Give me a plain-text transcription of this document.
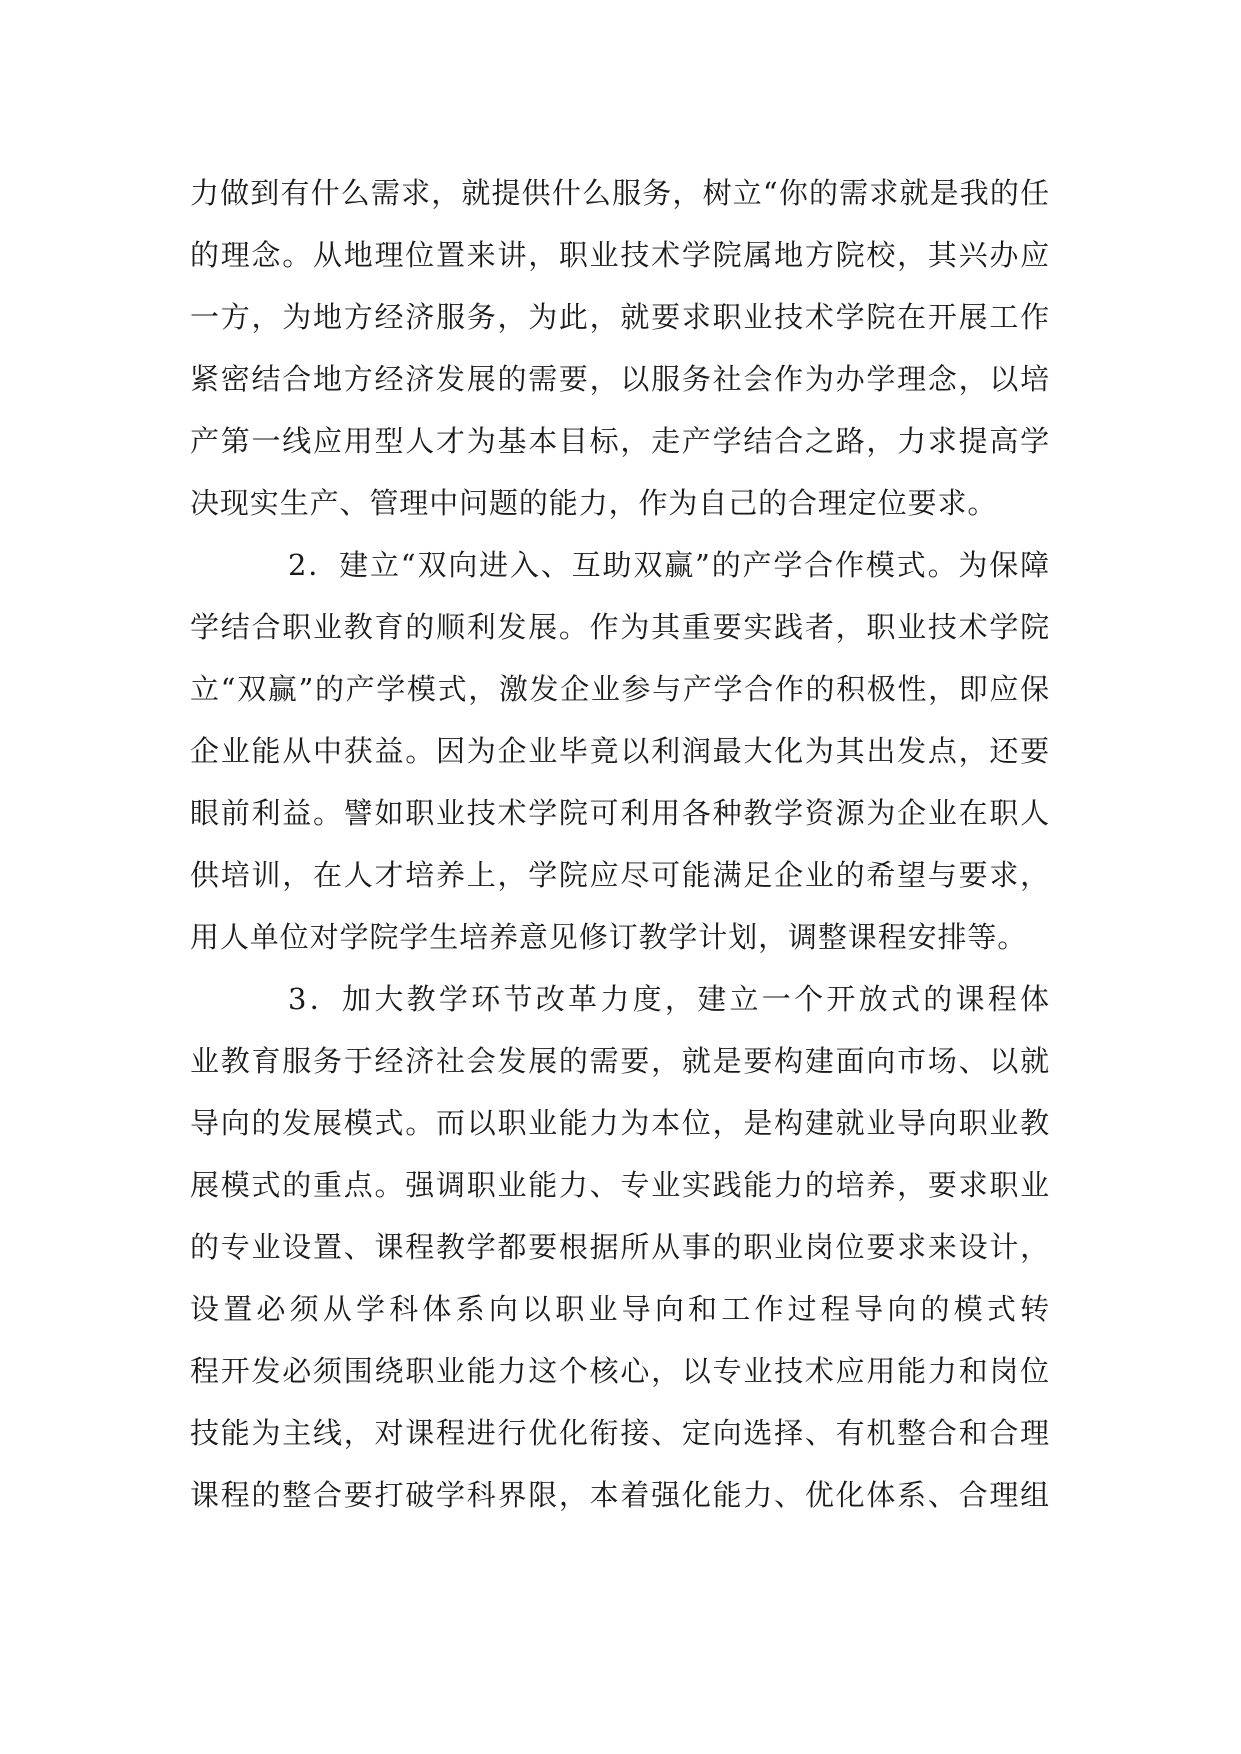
力做到有什么需求，就提供什么服务，树立“你的需求就是我的任
的理念。从地理位置来讲，职业技术学院属地方院校，其兴办应
一方，为地方经济服务，为此，就要求职业技术学院在开展工作
紧密结合地方经济发展的需要，以服务社会作为办学理念，以培
产第一线应用型人才为基本目标，走产学结合之路，力求提高学
决现实生产、管理中问题的能力，作为自己的合理定位要求。
2．建立“双向进入、互助双赢”的产学合作模式。为保障
学结合职业教育的顺利发展。作为其重要实践者，职业技术学院
立“双赢”的产学模式，激发企业参与产学合作的积极性，即应保
企业能从中获益。因为企业毕竟以利润最大化为其出发点，还要
眼前利益。譬如职业技术学院可利用各种教学资源为企业在职人
供培训，在人才培养上，学院应尽可能满足企业的希望与要求，
用人单位对学院学生培养意见修订教学计划，调整课程安排等。
3．加大教学环节改革力度，建立一个开放式的课程体
业教育服务于经济社会发展的需要，就是要构建面向市场、以就
导向的发展模式。而以职业能力为本位，是构建就业导向职业教
展模式的重点。强调职业能力、专业实践能力的培养，要求职业
的专业设置、课程教学都要根据所从事的职业岗位要求来设计，
设置必须从学科体系向以职业导向和工作过程导向的模式转
程开发必须围绕职业能力这个核心，以专业技术应用能力和岗位
技能为主线，对课程进行优化衔接、定向选择、有机整合和合理
课程的整合要打破学科界限，本着强化能力、优化体系、合理组
